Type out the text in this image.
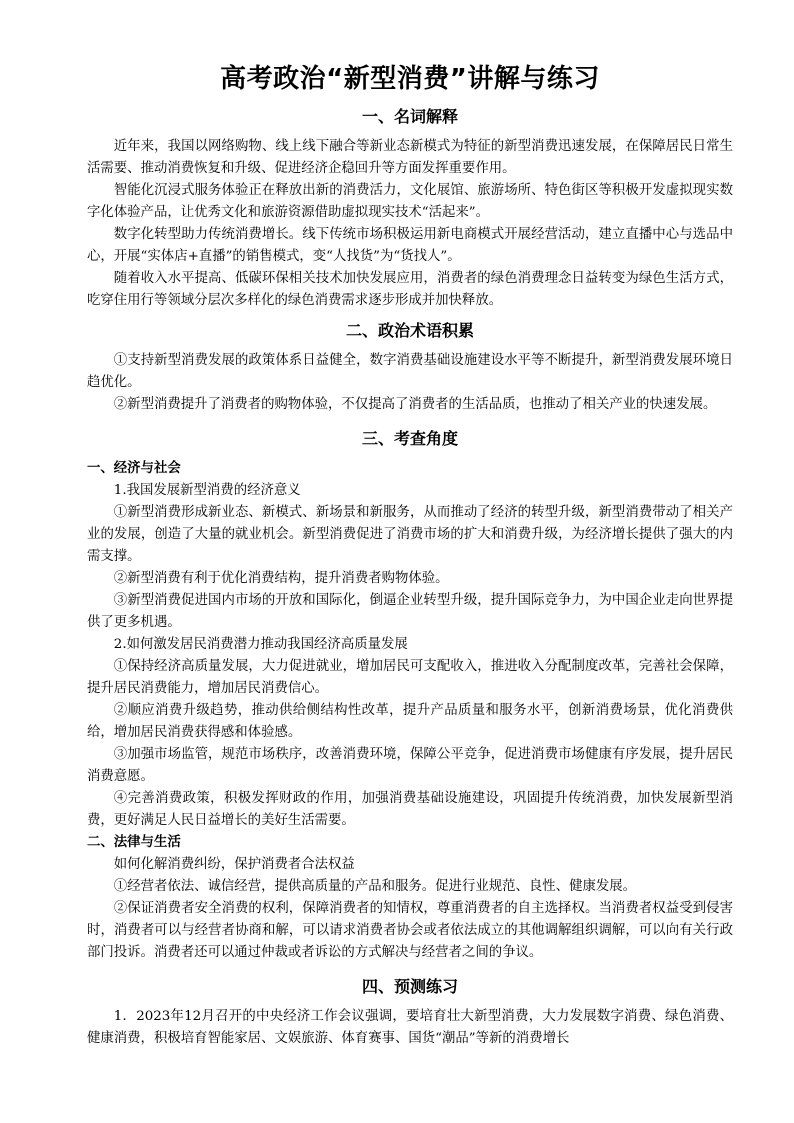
高考政治“新型消费”讲解与练习
一、名词解释

近年来，我国以网络购物、线上线下融合等新业态新模式为特征的新型消费迅速发展，在保障居民日常生活需要、推动消费恢复和升级、促进经济企稳回升等方面发挥重要作用。

智能化沉浸式服务体验正在释放出新的消费活力，文化展馆、旅游场所、特色街区等积极开发虚拟现实数字化体验产品，让优秀文化和旅游资源借助虚拟现实技术“活起来”。

数字化转型助力传统消费增长。线下传统市场积极运用新电商模式开展经营活动，建立直播中心与选品中心，开展“实体店+直播”的销售模式，变“人找货”为“货找人”。

随着收入水平提高、低碳环保相关技术加快发展应用，消费者的绿色消费理念日益转变为绿色生活方式，吃穿住用行等领域分层次多样化的绿色消费需求逐步形成并加快释放。

二、政治术语积累

①支持新型消费发展的政策体系日益健全，数字消费基础设施建设水平等不断提升，新型消费发展环境日趋优化。

②新型消费提升了消费者的购物体验，不仅提高了消费者的生活品质，也推动了相关产业的快速发展。

三、考查角度

一、经济与社会

1.我国发展新型消费的经济意义

①新型消费形成新业态、新模式、新场景和新服务，从而推动了经济的转型升级，新型消费带动了相关产业的发展，创造了大量的就业机会。新型消费促进了消费市场的扩大和消费升级，为经济增长提供了强大的内需支撑。

②新型消费有利于优化消费结构，提升消费者购物体验。

③新型消费促进国内市场的开放和国际化，倒逼企业转型升级，提升国际竞争力，为中国企业走向世界提供了更多机遇。

2.如何激发居民消费潜力推动我国经济高质量发展

①保持经济高质量发展，大力促进就业，增加居民可支配收入，推进收入分配制度改革，完善社会保障，提升居民消费能力，增加居民消费信心。

②顺应消费升级趋势，推动供给侧结构性改革，提升产品质量和服务水平，创新消费场景，优化消费供给，增加居民消费获得感和体验感。

③加强市场监管，规范市场秩序，改善消费环境，保障公平竞争，促进消费市场健康有序发展，提升居民消费意愿。

④完善消费政策，积极发挥财政的作用，加强消费基础设施建设，巩固提升传统消费，加快发展新型消费，更好满足人民日益增长的美好生活需要。

二、法律与生活

如何化解消费纠纷，保护消费者合法权益

①经营者依法、诚信经营，提供高质量的产品和服务。促进行业规范、良性、健康发展。

②保证消费者安全消费的权利，保障消费者的知情权，尊重消费者的自主选择权。当消费者权益受到侵害时，消费者可以与经营者协商和解，可以请求消费者协会或者依法成立的其他调解组织调解，可以向有关行政部门投诉。消费者还可以通过仲裁或者诉讼的方式解决与经营者之间的争议。

四、预测练习

1．2023年12月召开的中央经济工作会议强调，要培育壮大新型消费，大力发展数字消费、绿色消费、健康消费，积极培育智能家居、文娱旅游、体育赛事、国货“潮品”等新的消费增长
